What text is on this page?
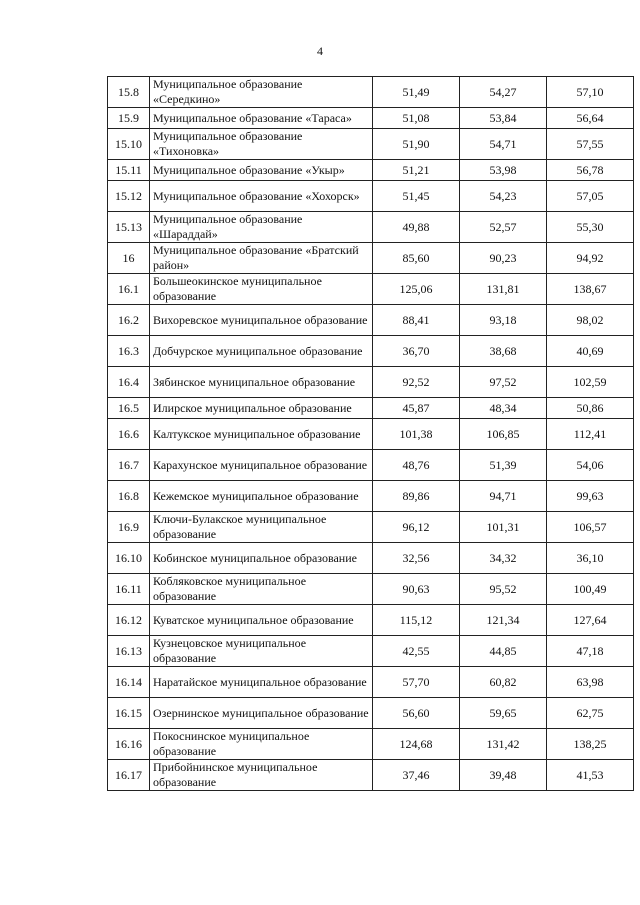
4
15.8	Муниципальное образование «Середкино»	51,49	54,27	57,10
15.9	Муниципальное образование «Тараса»	51,08	53,84	56,64
15.10	Муниципальное образование «Тихоновка»	51,90	54,71	57,55
15.11	Муниципальное образование «Укыр»	51,21	53,98	56,78
15.12	Муниципальное образование «Хохорск»	51,45	54,23	57,05
15.13	Муниципальное образование «Шараддай»	49,88	52,57	55,30
16	Муниципальное образование «Братский район»	85,60	90,23	94,92
16.1	Большеокинское муниципальное образование	125,06	131,81	138,67
16.2	Вихоревское муниципальное образование	88,41	93,18	98,02
16.3	Добчурское муниципальное образование	36,70	38,68	40,69
16.4	Зябинское муниципальное образование	92,52	97,52	102,59
16.5	Илирское муниципальное образование	45,87	48,34	50,86
16.6	Калтукское муниципальное образование	101,38	106,85	112,41
16.7	Карахунское муниципальное образование	48,76	51,39	54,06
16.8	Кежемское муниципальное образование	89,86	94,71	99,63
16.9	Ключи-Булакское муниципальное образование	96,12	101,31	106,57
16.10	Кобинское муниципальное образование	32,56	34,32	36,10
16.11	Кобляковское муниципальное образование	90,63	95,52	100,49
16.12	Куватское муниципальное образование	115,12	121,34	127,64
16.13	Кузнецовское муниципальное образование	42,55	44,85	47,18
16.14	Наратайское муниципальное образование	57,70	60,82	63,98
16.15	Озернинское муниципальное образование	56,60	59,65	62,75
16.16	Покоснинское муниципальное образование	124,68	131,42	138,25
16.17	Прибойнинское муниципальное образование	37,46	39,48	41,53
